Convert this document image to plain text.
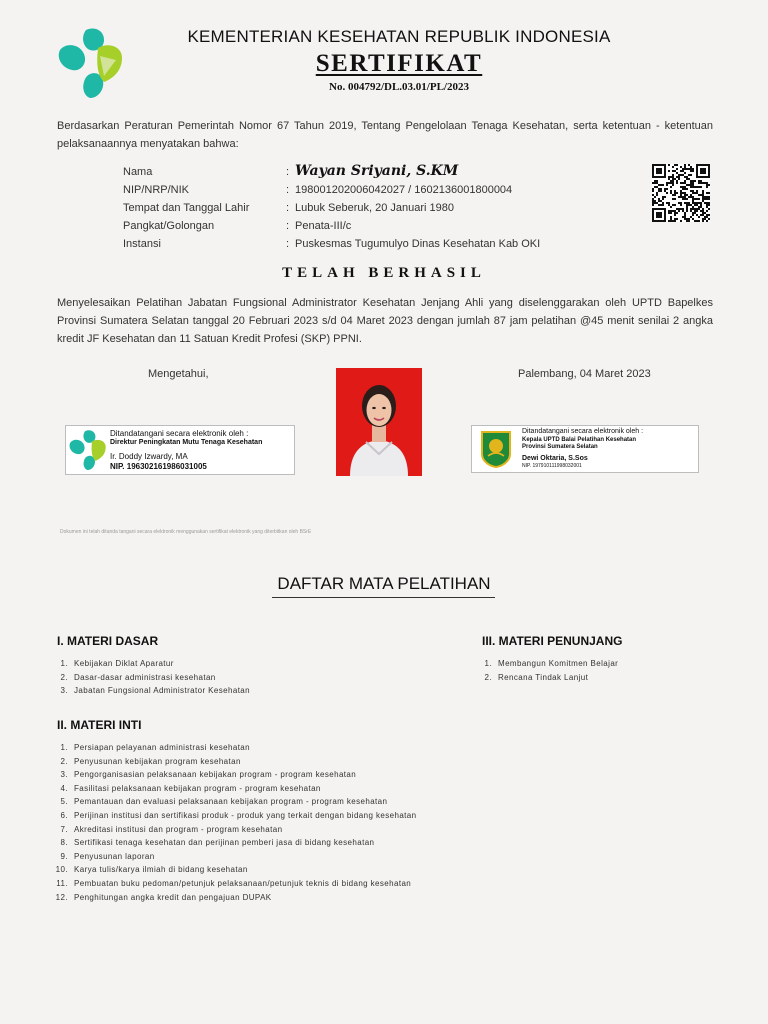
KEMENTERIAN KESEHATAN REPUBLIK INDONESIA
SERTIFIKAT
No. 004792/DL.03.01/PL/2023
Berdasarkan Peraturan Pemerintah Nomor 67 Tahun 2019, Tentang Pengelolaan Tenaga Kesehatan, serta ketentuan - ketentuan pelaksanaannya menyatakan bahwa:
Nama
NIP/NRP/NIK
Tempat dan Tanggal Lahir
Pangkat/Golongan
Instansi
:
:
:
:
:
Wayan Sriyani, S.KM
198001202006042027 / 1602136001800004
Lubuk Seberuk, 20 Januari 1980
Penata-III/c
Puskesmas Tugumulyo Dinas Kesehatan Kab OKI
TELAH BERHASIL
Menyelesaikan Pelatihan Jabatan Fungsional Administrator Kesehatan Jenjang Ahli yang diselenggarakan oleh UPTD Bapelkes Provinsi Sumatera Selatan tanggal 20 Februari 2023 s/d 04 Maret 2023 dengan jumlah 87 jam pelatihan @45 menit senilai 2 angka kredit JF Kesehatan dan 11 Satuan Kredit Profesi (SKP) PPNI.
Mengetahui,	Palembang, 04 Maret 2023
Ditandatangani secara elektronik oleh :
Direktur Peningkatan Mutu Tenaga Kesehatan
Ir. Doddy Izwardy, MA
NIP. 196302161986031005
Ditandatangani secara elektronik oleh :
Kepala UPTD Balai Pelatihan Kesehatan
Provinsi Sumatera Selatan
Dewi Oktaria, S.Sos
NIP. 197910111998032001
Dokumen ini telah ditanda tangani secara elektronik menggunakan sertifikat elektronik yang diterbitkan oleh BSrE
DAFTAR MATA PELATIHAN
I. MATERI DASAR
1. Kebijakan Diklat Aparatur
2. Dasar-dasar administrasi kesehatan
3. Jabatan Fungsional Administrator Kesehatan
II. MATERI INTI
1. Persiapan pelayanan administrasi kesehatan
2. Penyusunan kebijakan program kesehatan
3. Pengorganisasian pelaksanaan kebijakan program - program kesehatan
4. Fasilitasi pelaksanaan kebijakan program - program kesehatan
5. Pemantauan dan evaluasi pelaksanaan kebijakan program - program kesehatan
6. Perijinan institusi dan sertifikasi produk - produk yang terkait dengan bidang kesehatan
7. Akreditasi institusi dan program - program kesehatan
8. Sertifikasi tenaga kesehatan dan perijinan pemberi jasa di bidang kesehatan
9. Penyusunan laporan
10. Karya tulis/karya ilmiah di bidang kesehatan
11. Pembuatan buku pedoman/petunjuk pelaksanaan/petunjuk teknis di bidang kesehatan
12. Penghitungan angka kredit dan pengajuan DUPAK
III. MATERI PENUNJANG
1. Membangun Komitmen Belajar
2. Rencana Tindak Lanjut
